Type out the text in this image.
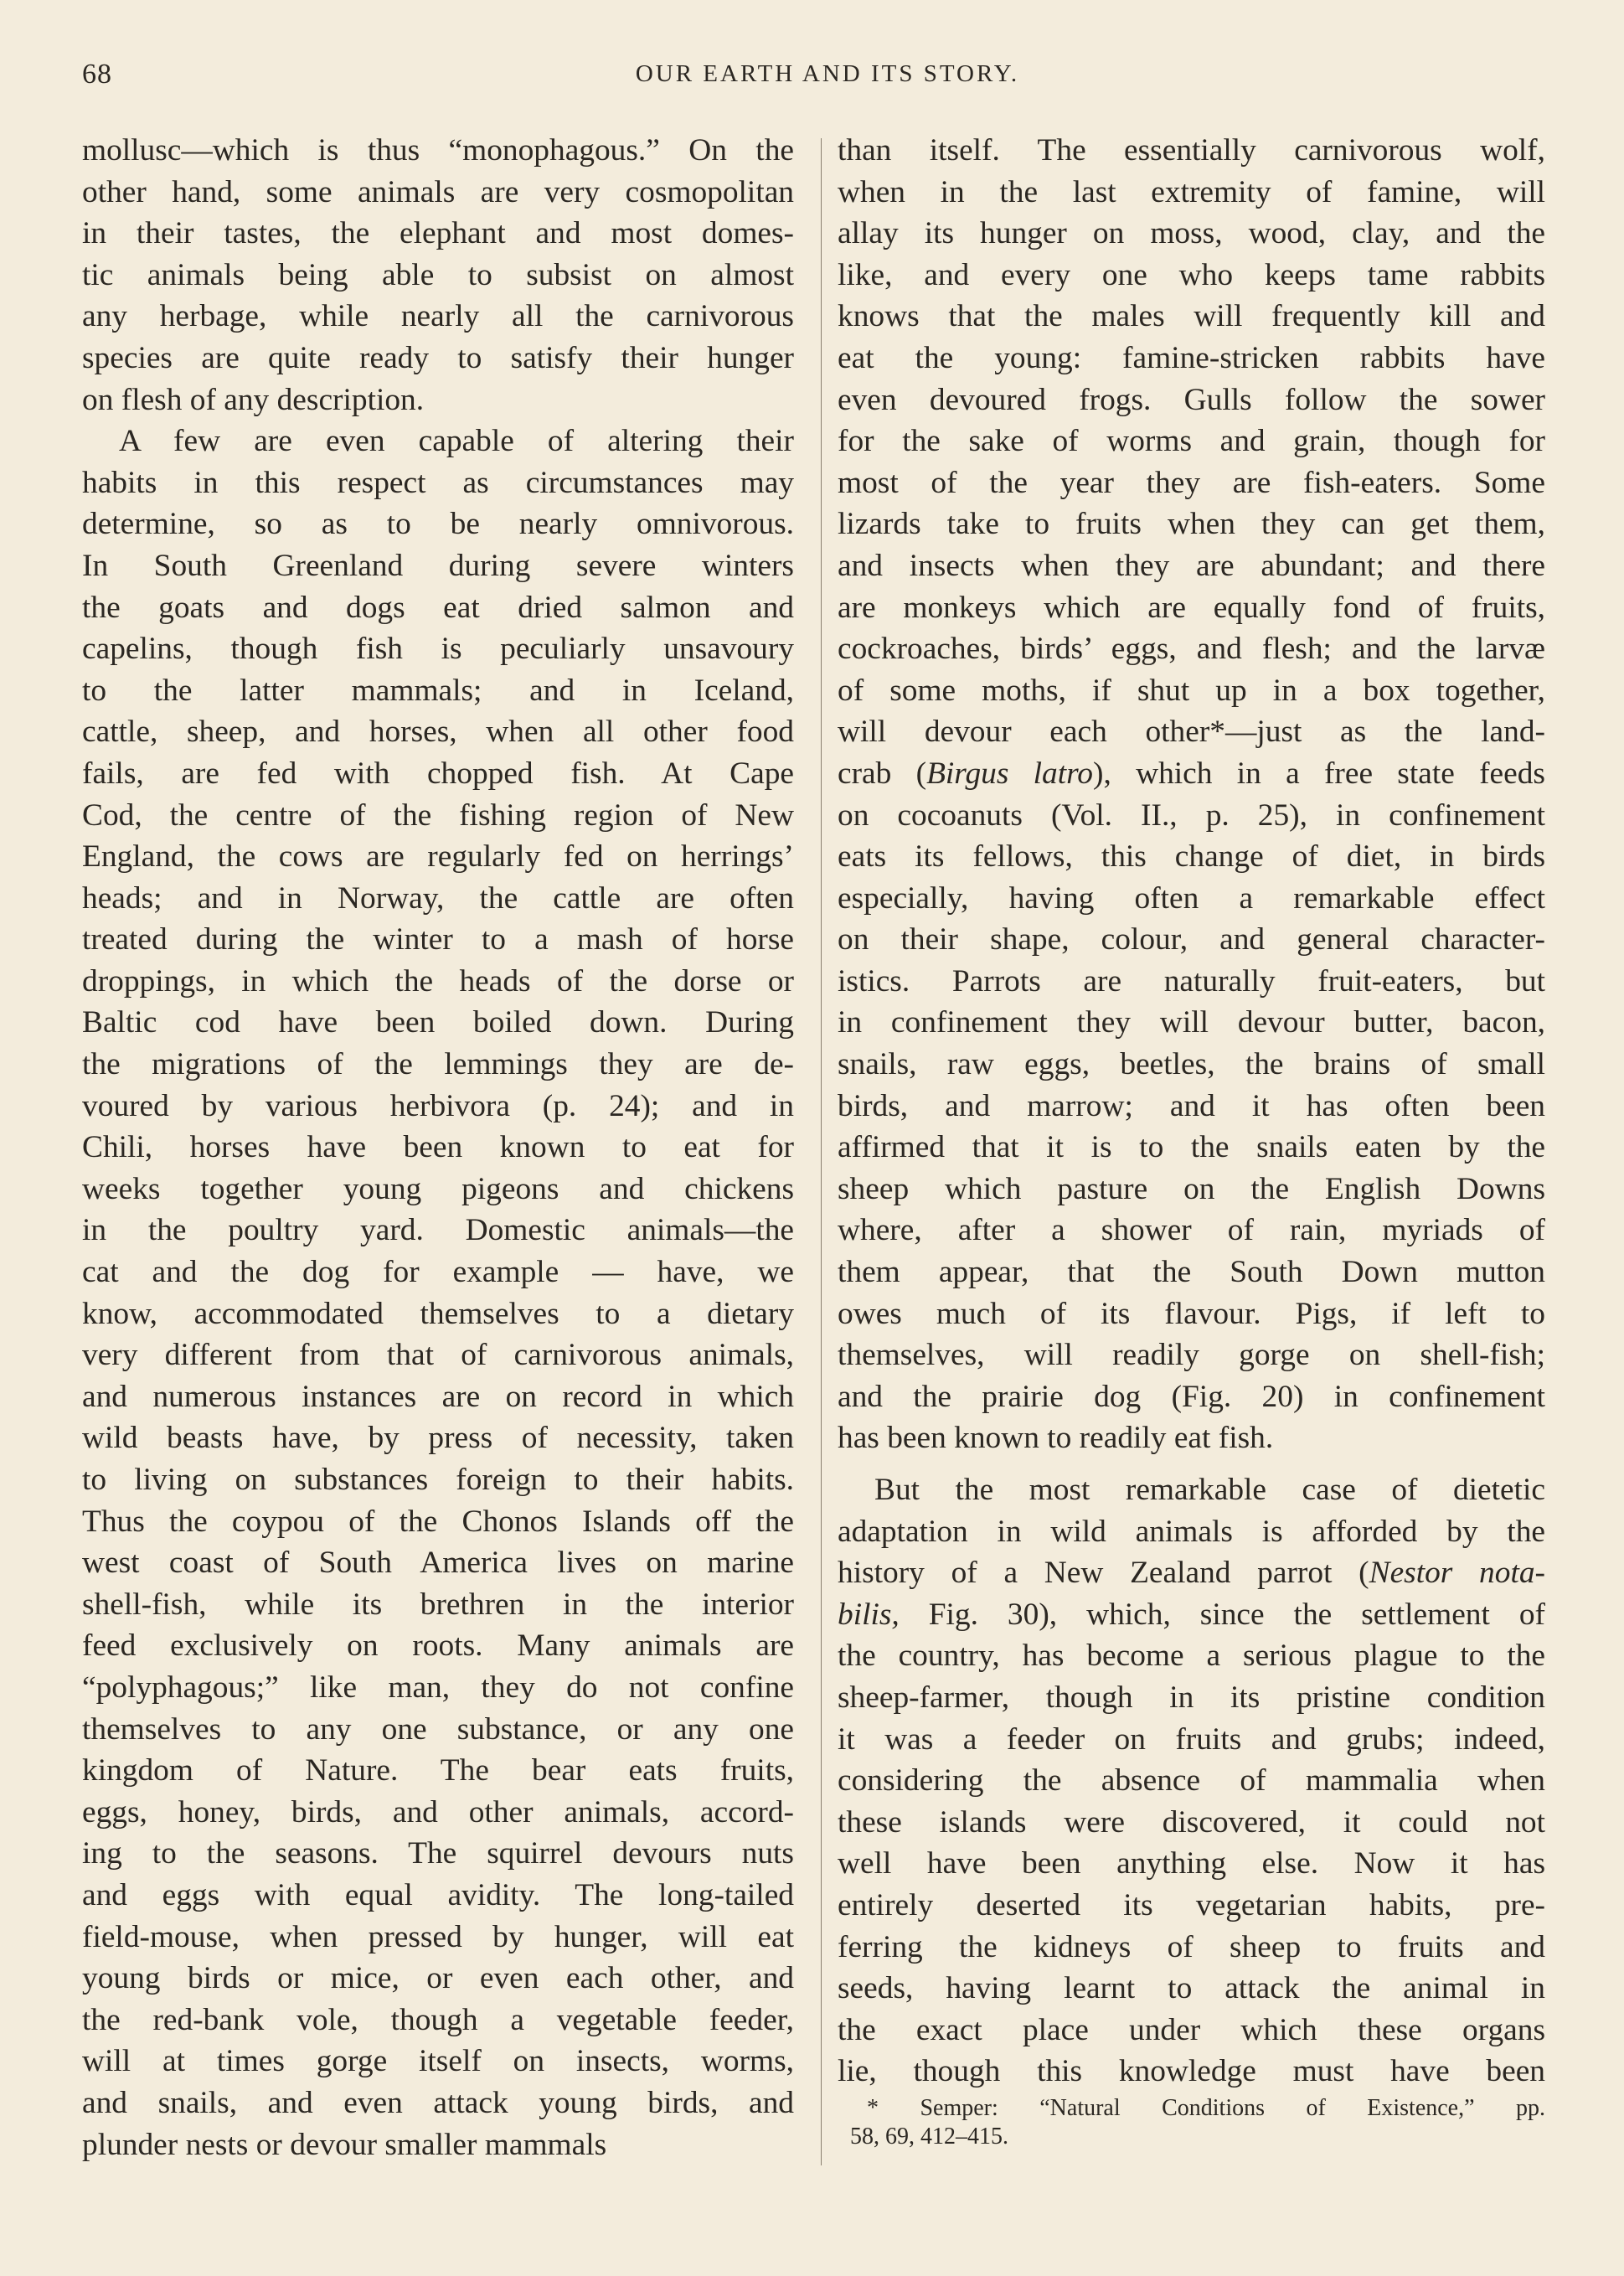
68	OUR EARTH AND ITS STORY.
mollusc—which is thus “monophagous.” On the
other hand, some animals are very cosmopolitan
in their tastes, the elephant and most domes-
tic animals being able to subsist on almost
any herbage, while nearly all the carnivorous
species are quite ready to satisfy their hunger
on flesh of any description.
A few are even capable of altering their
habits in this respect as circumstances may
determine, so as to be nearly omnivorous.
In South Greenland during severe winters
the goats and dogs eat dried salmon and
capelins, though fish is peculiarly unsavoury
to the latter mammals; and in Iceland,
cattle, sheep, and horses, when all other food
fails, are fed with chopped fish. At Cape
Cod, the centre of the fishing region of New
England, the cows are regularly fed on herrings’
heads; and in Norway, the cattle are often
treated during the winter to a mash of horse
droppings, in which the heads of the dorse or
Baltic cod have been boiled down. During
the migrations of the lemmings they are de-
voured by various herbivora (p. 24); and in
Chili, horses have been known to eat for
weeks together young pigeons and chickens
in the poultry yard. Domestic animals—the
cat and the dog for example — have, we
know, accommodated themselves to a dietary
very different from that of carnivorous animals,
and numerous instances are on record in which
wild beasts have, by press of necessity, taken
to living on substances foreign to their habits.
Thus the coypou of the Chonos Islands off the
west coast of South America lives on marine
shell-fish, while its brethren in the interior
feed exclusively on roots. Many animals are
“polyphagous;” like man, they do not confine
themselves to any one substance, or any one
kingdom of Nature. The bear eats fruits,
eggs, honey, birds, and other animals, accord-
ing to the seasons. The squirrel devours nuts
and eggs with equal avidity. The long-tailed
field-mouse, when pressed by hunger, will eat
young birds or mice, or even each other, and
the red-bank vole, though a vegetable feeder,
will at times gorge itself on insects, worms,
and snails, and even attack young birds, and
plunder nests or devour smaller mammals
than itself. The essentially carnivorous wolf,
when in the last extremity of famine, will
allay its hunger on moss, wood, clay, and the
like, and every one who keeps tame rabbits
knows that the males will frequently kill and
eat the young: famine-stricken rabbits have
even devoured frogs. Gulls follow the sower
for the sake of worms and grain, though for
most of the year they are fish-eaters. Some
lizards take to fruits when they can get them,
and insects when they are abundant; and there
are monkeys which are equally fond of fruits,
cockroaches, birds’ eggs, and flesh; and the larvæ
of some moths, if shut up in a box together,
will devour each other*—just as the land-
crab (Birgus latro), which in a free state feeds
on cocoanuts (Vol. II., p. 25), in confinement
eats its fellows, this change of diet, in birds
especially, having often a remarkable effect
on their shape, colour, and general character-
istics. Parrots are naturally fruit-eaters, but
in confinement they will devour butter, bacon,
snails, raw eggs, beetles, the brains of small
birds, and marrow; and it has often been
affirmed that it is to the snails eaten by the
sheep which pasture on the English Downs
where, after a shower of rain, myriads of
them appear, that the South Down mutton
owes much of its flavour. Pigs, if left to
themselves, will readily gorge on shell-fish;
and the prairie dog (Fig. 20) in confinement
has been known to readily eat fish.
But the most remarkable case of dietetic
adaptation in wild animals is afforded by the
history of a New Zealand parrot (Nestor nota-
bilis, Fig. 30), which, since the settlement of
the country, has become a serious plague to the
sheep-farmer, though in its pristine condition
it was a feeder on fruits and grubs; indeed,
considering the absence of mammalia when
these islands were discovered, it could not
well have been anything else. Now it has
entirely deserted its vegetarian habits, pre-
ferring the kidneys of sheep to fruits and
seeds, having learnt to attack the animal in
the exact place under which these organs
lie, though this knowledge must have been
* Semper: “Natural Conditions of Existence,” pp.
58, 69, 412–415.
